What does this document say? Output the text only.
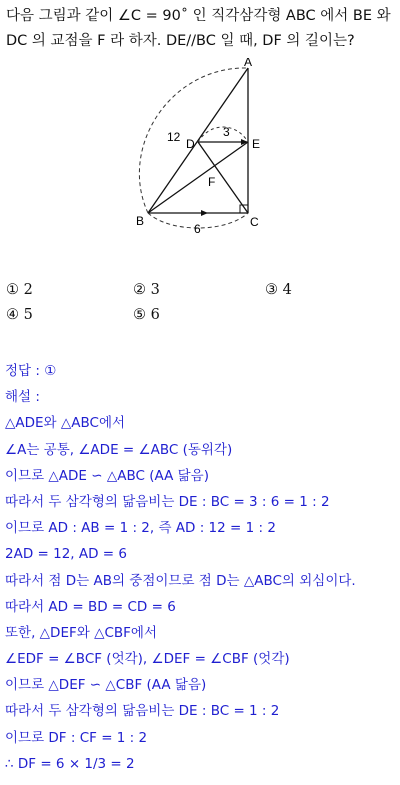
다음 그림과 같이 ∠C = 90˚ 인 직각삼각형 ABC 에서 BE 와
DC 의 교점을 F 라 하자. DE//BC 일 때, DF 의 길이는?
A
B	C
D	E
F
12	3
6
① 2	② 3	③ 4
④ 5	⑤ 6
정답 : ①
해설 :
△ADE와 △ABC에서
∠A는 공통, ∠ADE = ∠ABC (동위각)
이므로 △ADE ∽ △ABC (AA 닮음)
따라서 두 삼각형의 닮음비는 DE : BC = 3 : 6 = 1 : 2
이므로 AD : AB = 1 : 2, 즉 AD : 12 = 1 : 2
2AD = 12, AD = 6
따라서 점 D는 AB의 중점이므로 점 D는 △ABC의 외심이다.
따라서 AD = BD = CD = 6
또한, △DEF와 △CBF에서
∠EDF = ∠BCF (엇각), ∠DEF = ∠CBF (엇각)
이므로 △DEF ∽ △CBF (AA 닮음)
따라서 두 삼각형의 닮음비는 DE : BC = 1 : 2
이므로 DF : CF = 1 : 2
∴ DF = 6 × 1/3 = 2
